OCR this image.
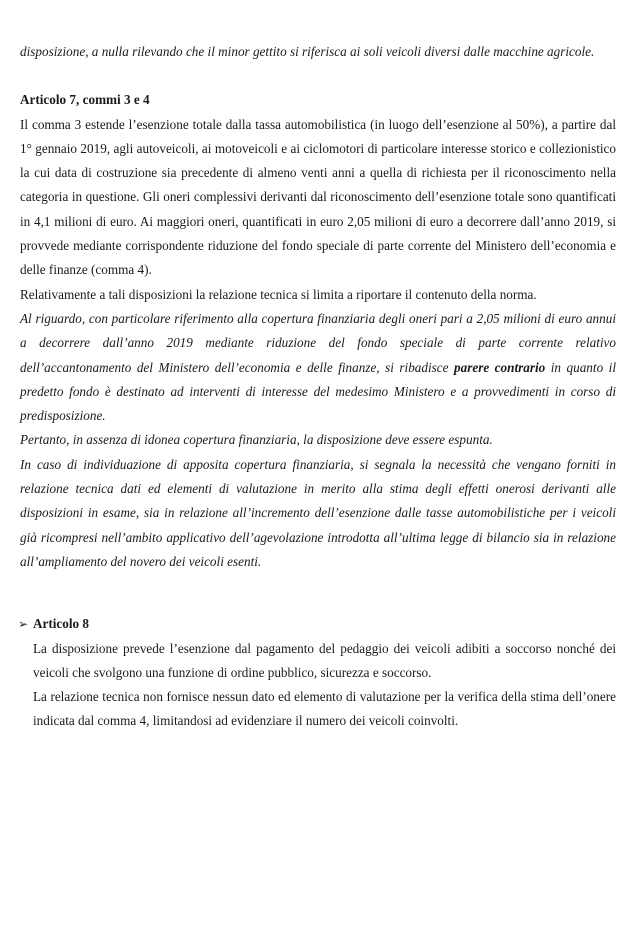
disposizione, a nulla rilevando che il minor gettito si riferisca ai soli veicoli diversi dalle macchine agricole.

Articolo 7, commi 3 e 4

Il comma 3 estende l’esenzione totale dalla tassa automobilistica (in luogo dell’esenzione al 50%), a partire dal 1° gennaio 2019, agli autoveicoli, ai motoveicoli e ai ciclomotori di particolare interesse storico e collezionistico la cui data di costruzione sia precedente di almeno venti anni a quella di richiesta per il riconoscimento nella categoria in questione. Gli oneri complessivi derivanti dal riconoscimento dell’esenzione totale sono quantificati in 4,1 milioni di euro. Ai maggiori oneri, quantificati in euro 2,05 milioni di euro a decorrere dall’anno 2019, si provvede mediante corrispondente riduzione del fondo speciale di parte corrente del Ministero dell’economia e delle finanze (comma 4).

Relativamente a tali disposizioni la relazione tecnica si limita a riportare il contenuto della norma.

Al riguardo, con particolare riferimento alla copertura finanziaria degli oneri pari a 2,05 milioni di euro annui a decorrere dall’anno 2019 mediante riduzione del fondo speciale di parte corrente relativo dell’accantonamento del Ministero dell’economia e delle finanze, si ribadisce parere contrario in quanto il predetto fondo è destinato ad interventi di interesse del medesimo Ministero e a provvedimenti in corso di predisposizione.

Pertanto, in assenza di idonea copertura finanziaria, la disposizione deve essere espunta.

In caso di individuazione di apposita copertura finanziaria, si segnala la necessità che vengano forniti in relazione tecnica dati ed elementi di valutazione in merito alla stima degli effetti onerosi derivanti alle disposizioni in esame, sia in relazione all’incremento dell’esenzione dalle tasse automobilistiche per i veicoli già ricompresi nell’ambito applicativo dell’agevolazione introdotta all’ultima legge di bilancio sia in relazione all’ampliamento del novero dei veicoli esenti.

➢ Articolo 8

La disposizione prevede l’esenzione dal pagamento del pedaggio dei veicoli adibiti a soccorso nonché dei veicoli che svolgono una funzione di ordine pubblico, sicurezza e soccorso.

La relazione tecnica non fornisce nessun dato ed elemento di valutazione per la verifica della stima dell’onere indicata dal comma 4, limitandosi ad evidenziare il numero dei veicoli coinvolti.
